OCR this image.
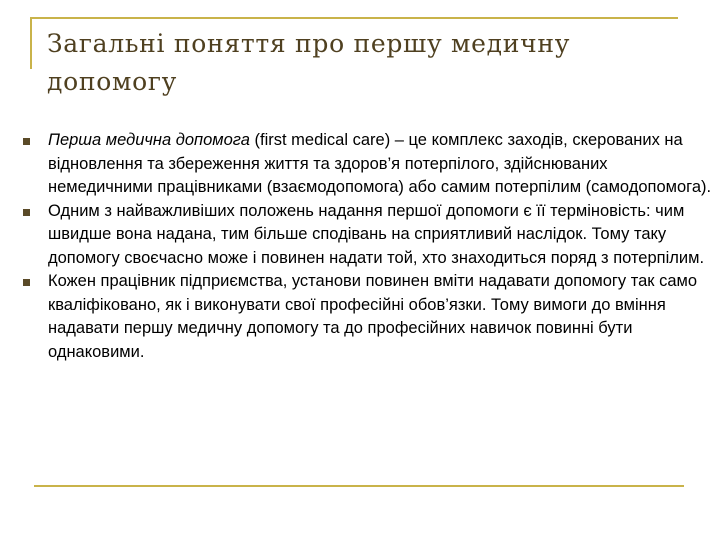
Загальні поняття про першу медичну допомогу
Перша медична допомога (first medical care) – це комплекс заходів, скерованих на відновлення та збереження життя та здоров’я потерпілого, здійснюваних немедичними працівниками (взаємодопомога) або самим потерпілим (самодопомога).
Одним з найважливіших положень надання першої допомоги є її терміновість: чим швидше вона надана, тим більше сподівань на сприятливий наслідок. Тому таку допомогу своєчасно може і повинен надати той, хто знаходиться поряд з потерпілим.
Кожен працівник підприємства, установи повинен вміти надавати допомогу так само кваліфіковано, як і виконувати свої професійні обов’язки. Тому вимоги до вміння надавати першу медичну допомогу та до професійних навичок повинні бути однаковими.
